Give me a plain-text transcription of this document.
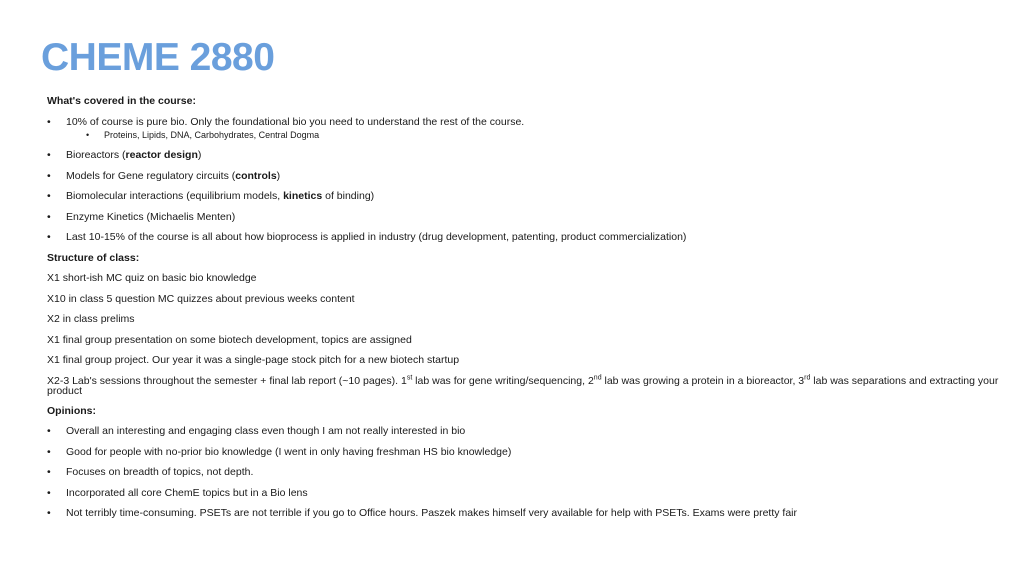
CHEME 2880
What's covered in the course:
• 10% of course is pure bio. Only the foundational bio you need to understand the rest of the course.
• Proteins, Lipids, DNA, Carbohydrates, Central Dogma
• Bioreactors (reactor design)
• Models for Gene regulatory circuits (controls)
• Biomolecular interactions (equilibrium models, kinetics of binding)
• Enzyme Kinetics (Michaelis Menten)
• Last 10-15% of the course is all about how bioprocess is applied in industry (drug development, patenting, product commercialization)
Structure of class:
X1 short-ish MC quiz on basic bio knowledge
X10 in class 5 question MC quizzes about previous weeks content
X2 in class prelims
X1 final group presentation on some biotech development, topics are assigned
X1 final group project. Our year it was a single-page stock pitch for a new biotech startup
X2-3 Lab's sessions throughout the semester + final lab report (~10 pages). 1st lab was for gene writing/sequencing, 2nd lab was growing a protein in a bioreactor, 3rd lab was separations and extracting your product
Opinions:
• Overall an interesting and engaging class even though I am not really interested in bio
• Good for people with no-prior bio knowledge (I went in only having freshman HS bio knowledge)
• Focuses on breadth of topics, not depth.
• Incorporated all core ChemE topics but in a Bio lens
• Not terribly time-consuming. PSETs are not terrible if you go to Office hours. Paszek makes himself very available for help with PSETs. Exams were pretty fair
